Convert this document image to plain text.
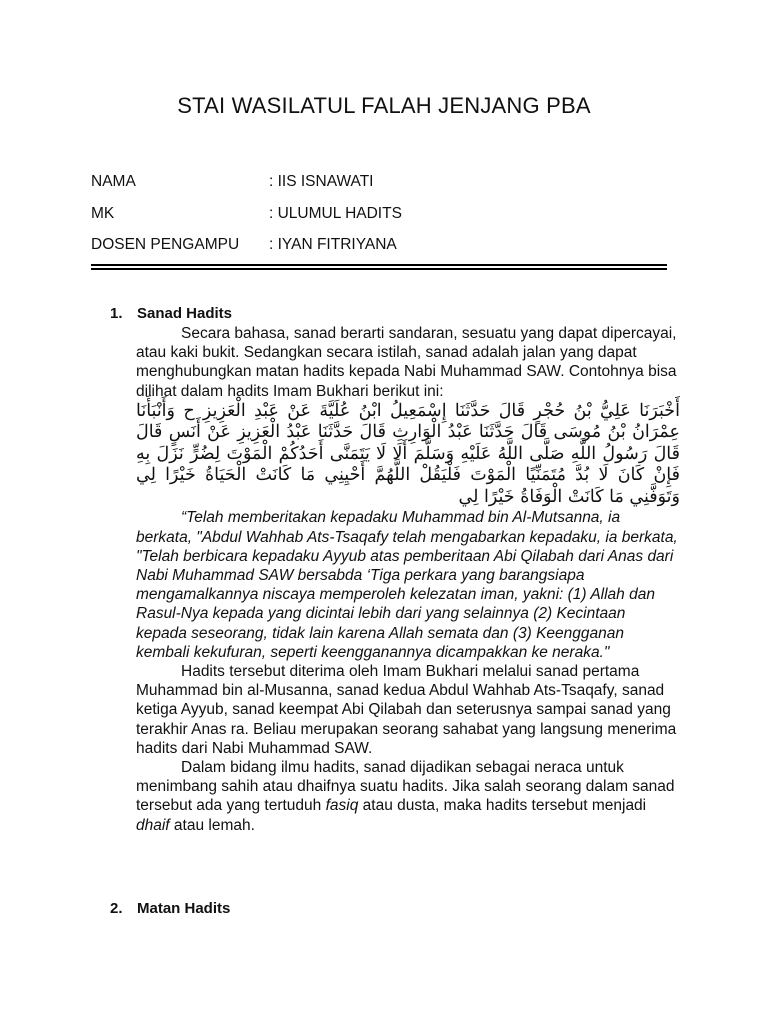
STAI WASILATUL FALAH JENJANG PBA
NAMA	: IIS ISNAWATI
MK	: ULUMUL HADITS
DOSEN PENGAMPU : IYAN FITRIYANA
1. Sanad Hadits

Secara bahasa, sanad berarti sandaran, sesuatu yang dapat dipercayai, atau kaki bukit. Sedangkan secara istilah, sanad adalah jalan yang dapat menghubungkan matan hadits kepada Nabi Muhammad SAW. Contohnya bisa dilihat dalam hadits Imam Bukhari berikut ini:

أَخْبَرَنَا عَلِيُّ بْنُ حُجْرٍ قَالَ حَدَّثَنَا إِسْمَعِيلُ ابْنُ عُلَيَّةَ عَنْ عَبْدِ الْعَزِيزِ ح وَأَنْبَأَنَا عِمْرَانُ بْنُ مُوسَى قَالَ حَدَّثَنَا عَبْدُ الْوَارِثِ قَالَ حَدَّثَنَا عَبْدُ الْعَزِيزِ عَنْ أَنَسٍ قَالَ قَالَ رَسُولُ اللَّهِ صَلَّى اللَّهُ عَلَيْهِ وَسَلَّمَ أَلَا لَا يَتَمَنَّى أَحَدُكُمْ الْمَوْتَ لِضُرٍّ نَزَلَ بِهِ فَإِنْ كَانَ لَا بُدَّ مُتَمَنِّيًا الْمَوْتَ فَلْيَقُلْ اللَّهُمَّ أَحْيِنِي مَا كَانَتْ الْحَيَاةُ خَيْرًا لِي وَتَوَفَّنِي مَا كَانَتْ الْوَفَاةُ خَيْرًا لِي

“Telah memberitakan kepadaku Muhammad bin Al-Mutsanna, ia berkata, "Abdul Wahhab Ats-Tsaqafy telah mengabarkan kepadaku, ia berkata, "Telah berbicara kepadaku Ayyub atas pemberitaan Abi Qilabah dari Anas dari Nabi Muhammad SAW bersabda ‘Tiga perkara yang barangsiapa mengamalkannya niscaya memperoleh kelezatan iman, yakni: (1) Allah dan Rasul-Nya kepada yang dicintai lebih dari yang selainnya (2) Kecintaan kepada seseorang, tidak lain karena Allah semata dan (3) Keengganan kembali kekufuran, seperti keengganannya dicampakkan ke neraka."

Hadits tersebut diterima oleh Imam Bukhari melalui sanad pertama Muhammad bin al-Musanna, sanad kedua Abdul Wahhab Ats-Tsaqafy, sanad ketiga Ayyub, sanad keempat Abi Qilabah dan seterusnya sampai sanad yang terakhir Anas ra. Beliau merupakan seorang sahabat yang langsung menerima hadits dari Nabi Muhammad SAW.

Dalam bidang ilmu hadits, sanad dijadikan sebagai neraca untuk menimbang sahih atau dhaifnya suatu hadits. Jika salah seorang dalam sanad tersebut ada yang tertuduh fasiq atau dusta, maka hadits tersebut menjadi dhaif atau lemah.

2. Matan Hadits
